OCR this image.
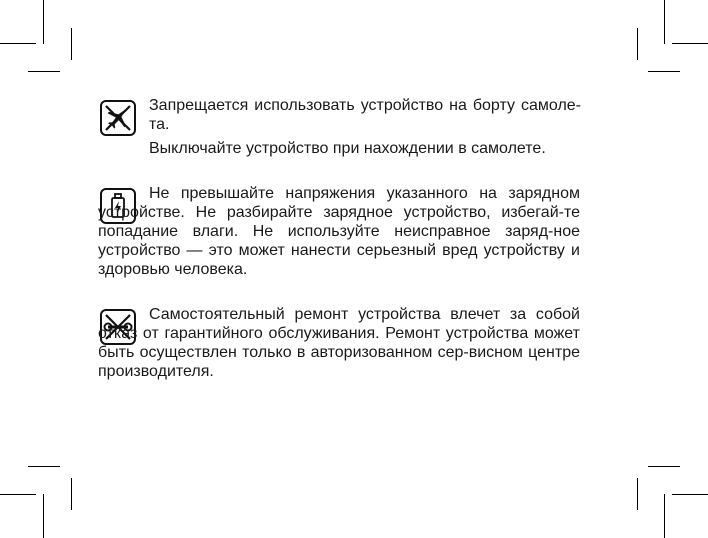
Запрещается использовать устройство на борту самоле-та.

Выключайте устройство при нахождении в самолете.

Не превышайте напряжения указанного на зарядном устройстве. Не разбирайте зарядное устройство, избегай-те попадание влаги. Не используйте неисправное заряд-ное устройство — это может нанести серьезный вред устройству и здоровью человека.

Самостоятельный ремонт устройства влечет за собой отказ от гарантийного обслуживания. Ремонт устройства может быть осуществлен только в авторизованном сер-висном центре производителя.
